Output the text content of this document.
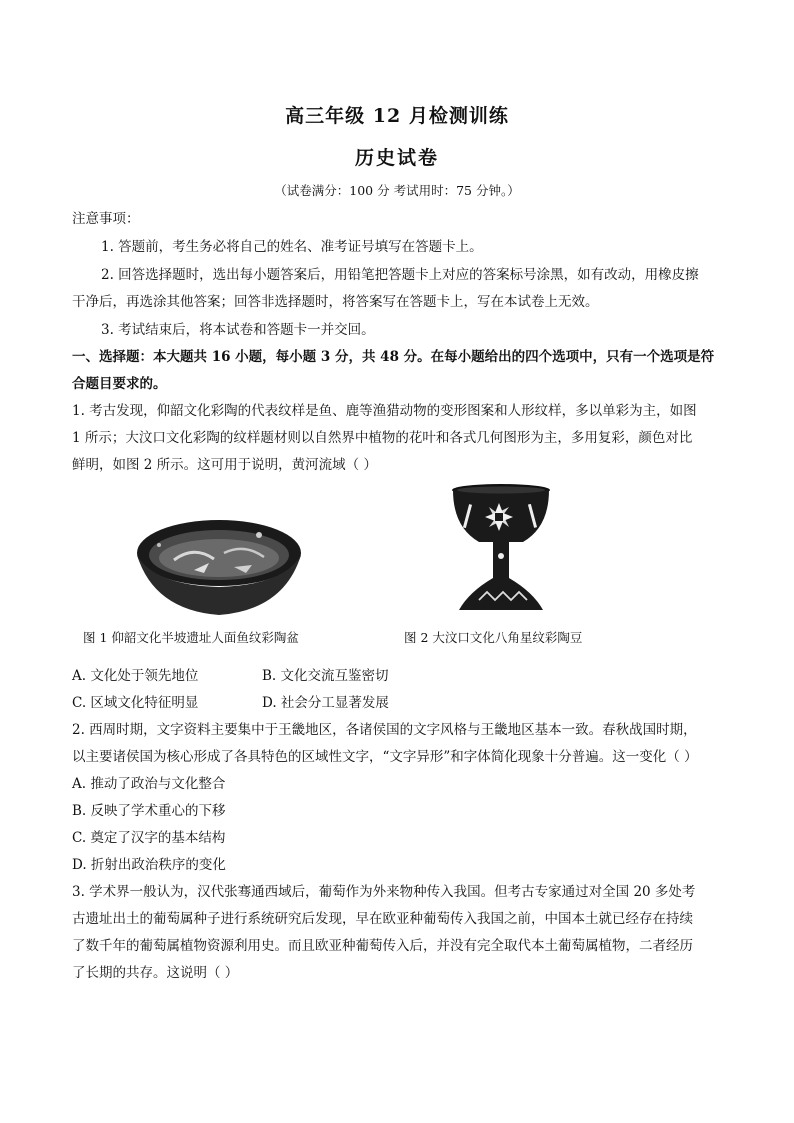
高三年级 12 月检测训练
历史试卷
（试卷满分：100 分 考试用时：75 分钟。）
注意事项：
1. 答题前，考生务必将自己的姓名、准考证号填写在答题卡上。
2. 回答选择题时，选出每小题答案后，用铅笔把答题卡上对应的答案标号涂黑，如有改动，用橡皮擦
干净后，再选涂其他答案；回答非选择题时，将答案写在答题卡上，写在本试卷上无效。
3. 考试结束后，将本试卷和答题卡一并交回。
一、选择题：本大题共 16 小题，每小题 3 分，共 48 分。在每小题给出的四个选项中，只有一个选项是符
合题目要求的。
1. 考古发现，仰韶文化彩陶的代表纹样是鱼、鹿等渔猎动物的变形图案和人形纹样，多以单彩为主，如图
1 所示；大汶口文化彩陶的纹样题材则以自然界中植物的花叶和各式几何图形为主，多用复彩，颜色对比
鲜明，如图 2 所示。这可用于说明，黄河流域（ ）
图 1 仰韶文化半坡遗址人面鱼纹彩陶盆	图 2 大汶口文化八角星纹彩陶豆
A. 文化处于领先地位	B. 文化交流互鉴密切
C. 区域文化特征明显	D. 社会分工显著发展
2. 西周时期，文字资料主要集中于王畿地区，各诸侯国的文字风格与王畿地区基本一致。春秋战国时期，
以主要诸侯国为核心形成了各具特色的区域性文字，“文字异形”和字体简化现象十分普遍。这一变化（ ）
A. 推动了政治与文化整合
B. 反映了学术重心的下移
C. 奠定了汉字的基本结构
D. 折射出政治秩序的变化
3. 学术界一般认为，汉代张骞通西域后，葡萄作为外来物种传入我国。但考古专家通过对全国 20 多处考
古遗址出土的葡萄属种子进行系统研究后发现，早在欧亚种葡萄传入我国之前，中国本土就已经存在持续
了数千年的葡萄属植物资源利用史。而且欧亚种葡萄传入后，并没有完全取代本土葡萄属植物，二者经历
了长期的共存。这说明（ ）
